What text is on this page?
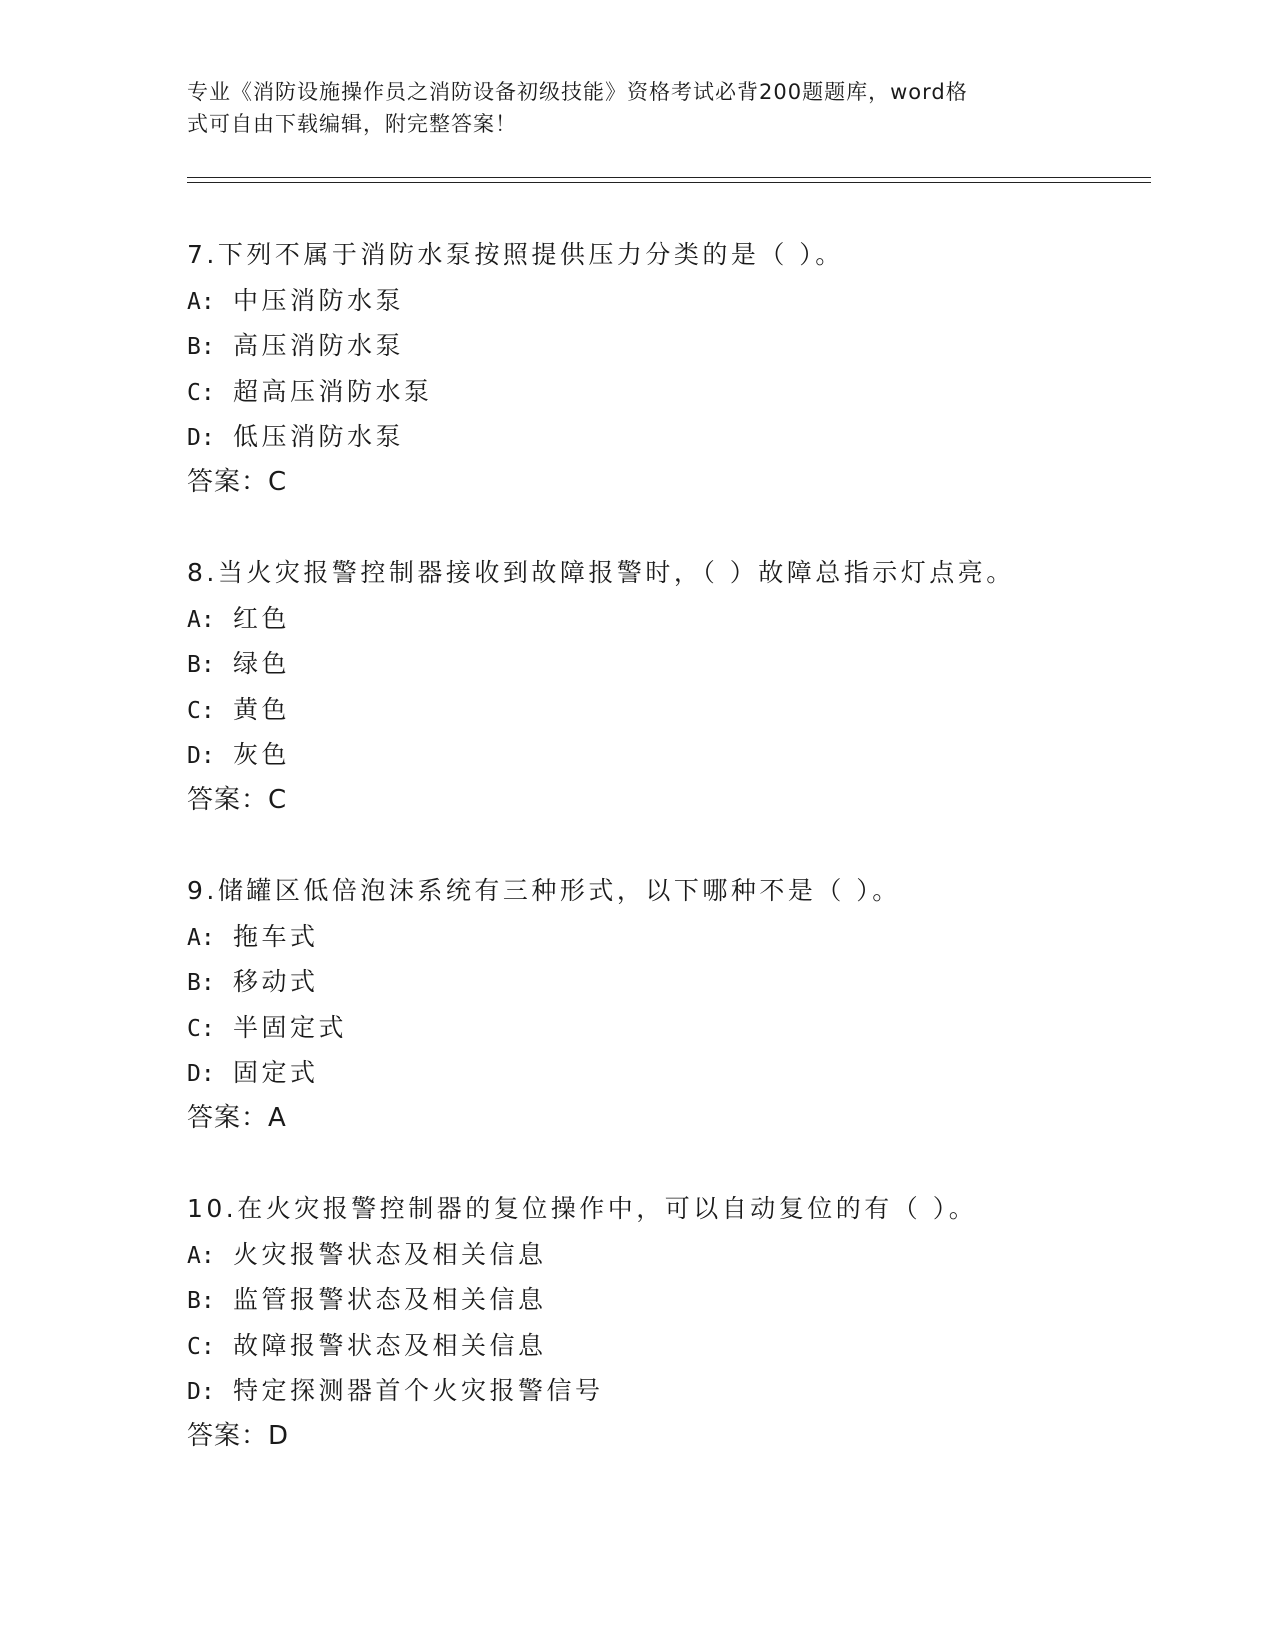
专业《消防设施操作员之消防设备初级技能》资格考试必背200题题库，word格
式可自由下载编辑，附完整答案！
7.下列不属于消防水泵按照提供压力分类的是（ ）。
A: 中压消防水泵
B: 高压消防水泵
C: 超高压消防水泵
D: 低压消防水泵
答案：C
8.当火灾报警控制器接收到故障报警时，（ ）故障总指示灯点亮。
A: 红色
B: 绿色
C: 黄色
D: 灰色
答案：C
9.储罐区低倍泡沫系统有三种形式，以下哪种不是（ ）。
A: 拖车式
B: 移动式
C: 半固定式
D: 固定式
答案：A
10.在火灾报警控制器的复位操作中，可以自动复位的有（ ）。
A: 火灾报警状态及相关信息
B: 监管报警状态及相关信息
C: 故障报警状态及相关信息
D: 特定探测器首个火灾报警信号
答案：D
